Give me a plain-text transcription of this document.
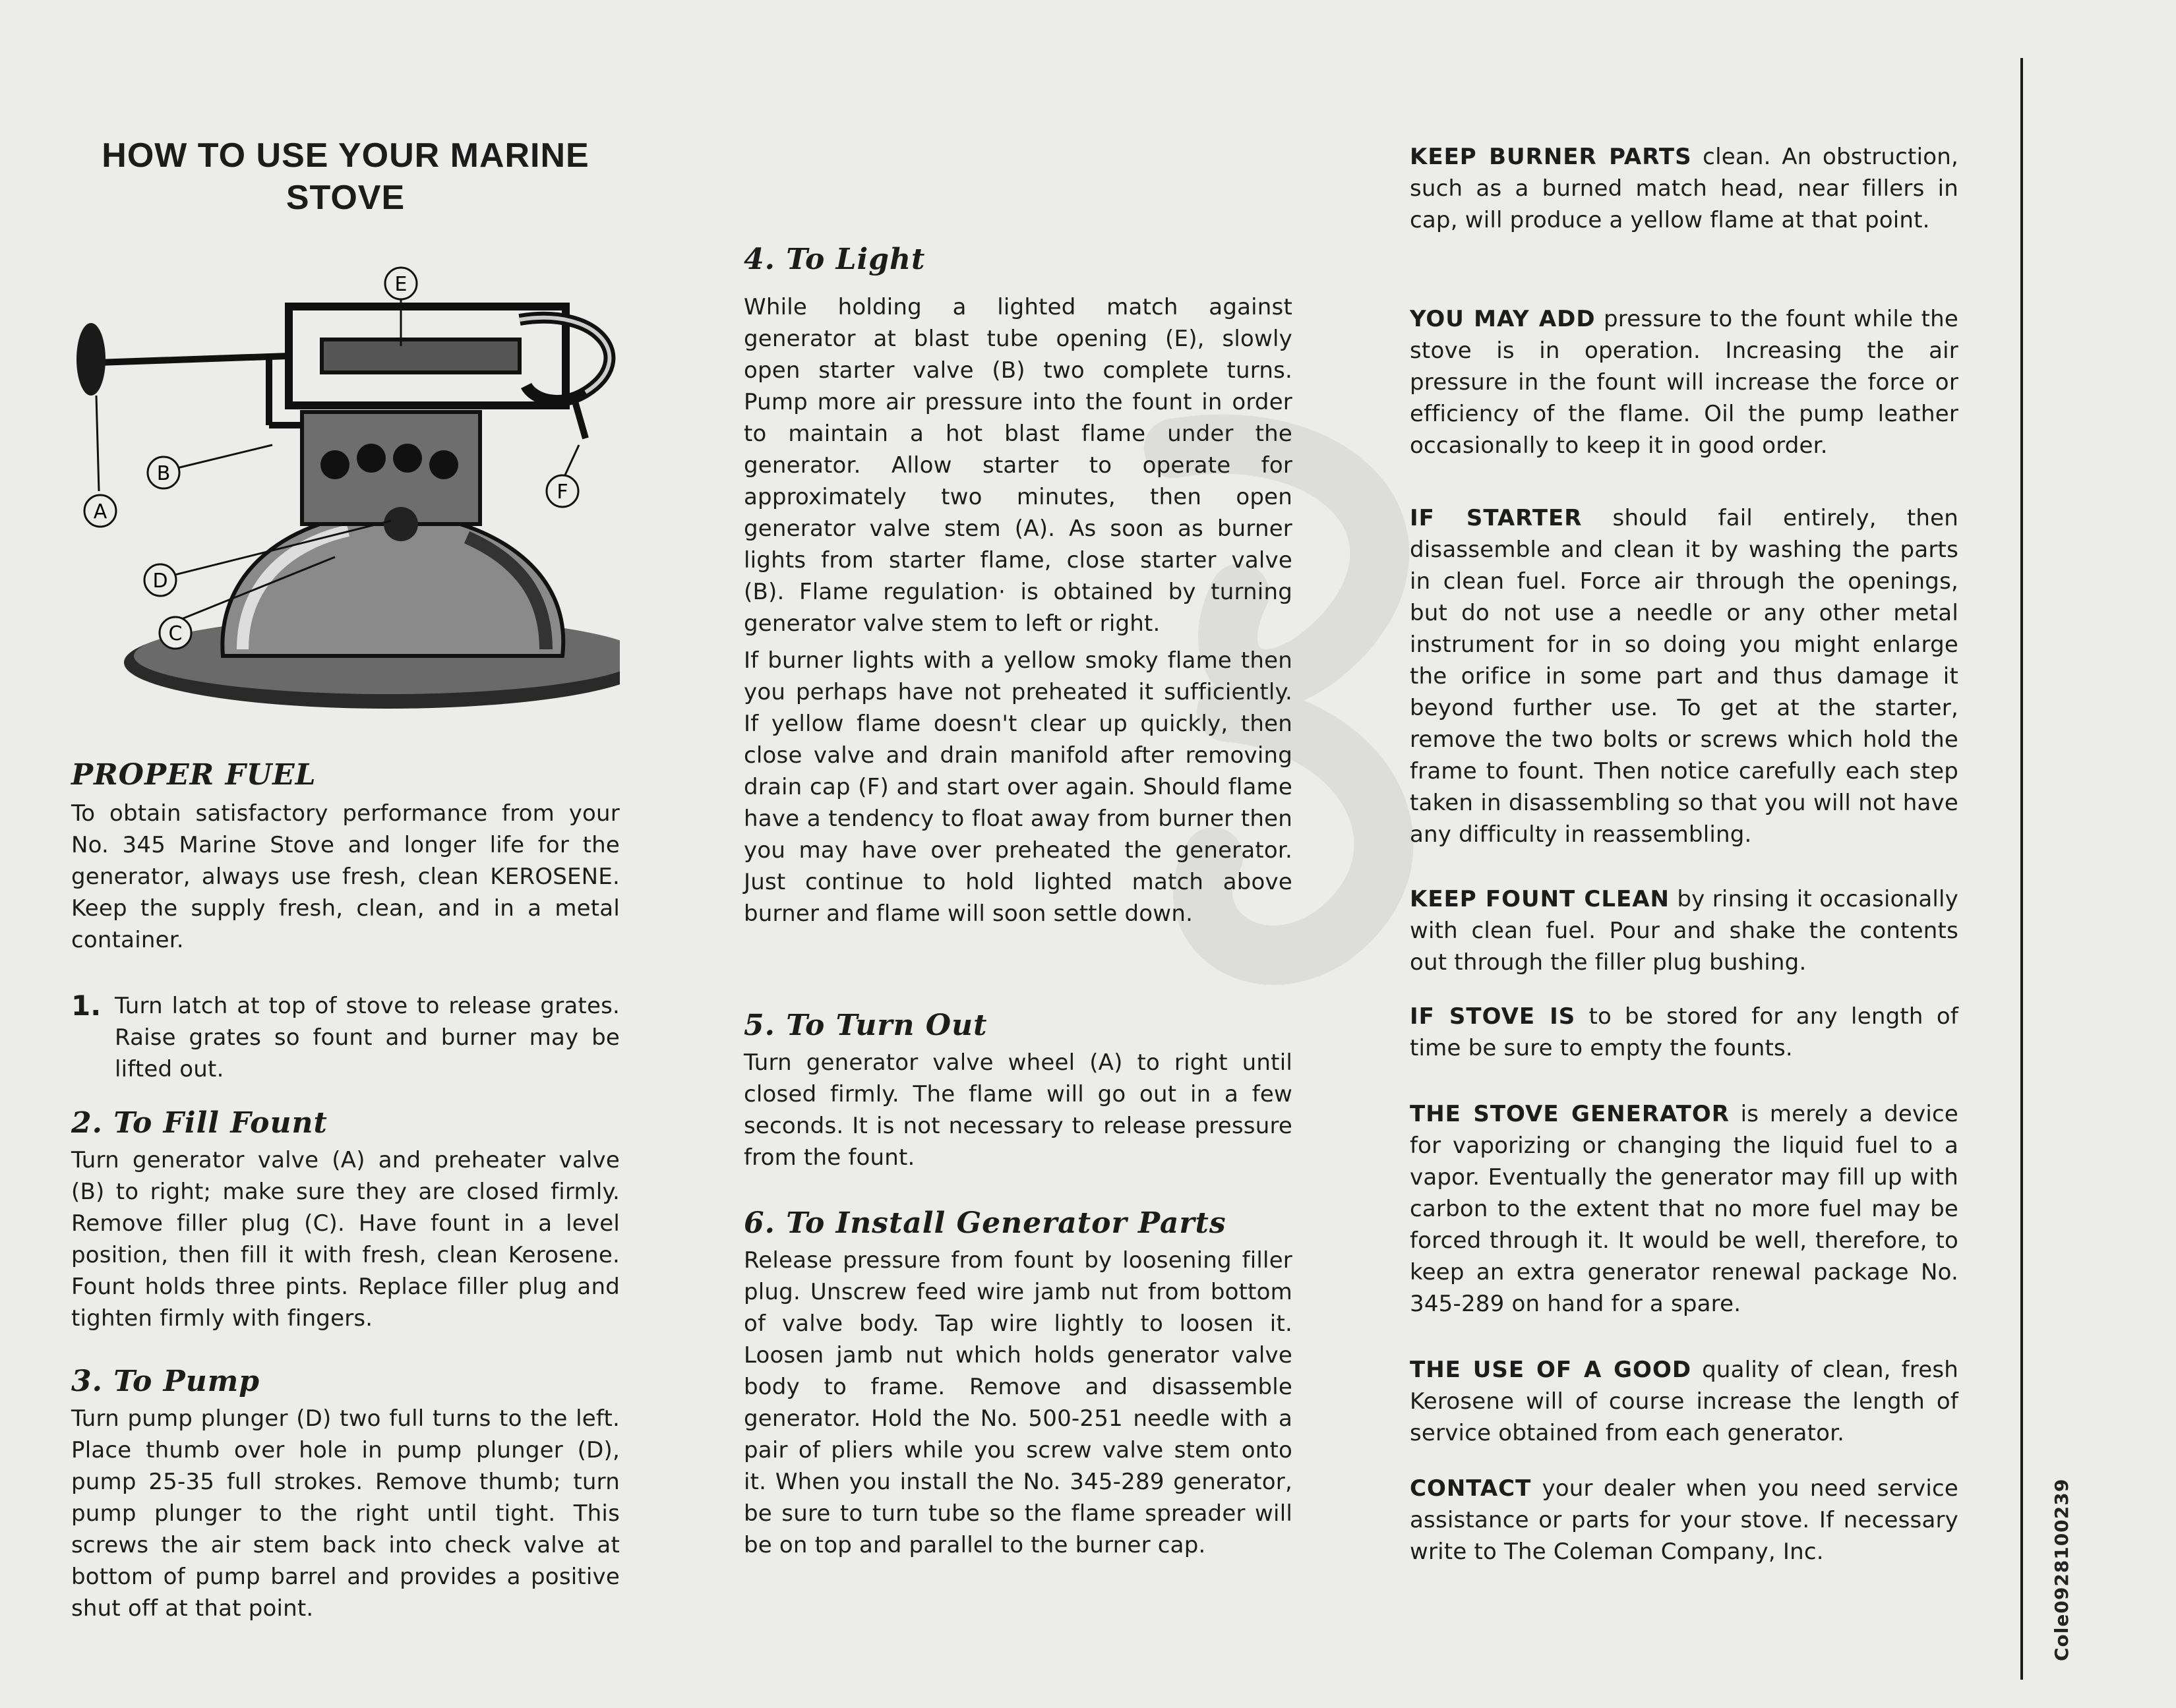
HOW TO USE YOUR MARINE STOVE
E
B
A
F
D
C
PROPER FUEL

To obtain satisfactory performance from your No. 345 Marine Stove and longer life for the generator, always use fresh, clean KEROSENE. Keep the supply fresh, clean, and in a metal container.

1. Turn latch at top of stove to release grates. Raise grates so fount and burner may be lifted out.

2. To Fill Fount

Turn generator valve (A) and preheater valve (B) to right; make sure they are closed firmly. Remove filler plug (C). Have fount in a level position, then fill it with fresh, clean Kerosene. Fount holds three pints. Replace filler plug and tighten firmly with fingers.

3. To Pump

Turn pump plunger (D) two full turns to the left. Place thumb over hole in pump plunger (D), pump 25-35 full strokes. Remove thumb; turn pump plunger to the right until tight. This screws the air stem back into check valve at bottom of pump barrel and provides a positive shut off at that point.

4. To Light

While holding a lighted match against generator at blast tube opening (E), slowly open starter valve (B) two complete turns. Pump more air pressure into the fount in order to maintain a hot blast flame under the generator. Allow starter to operate for approximately two minutes, then open generator valve stem (A). As soon as burner lights from starter flame, close starter valve (B). Flame regulation· is obtained by turning generator valve stem to left or right.

If burner lights with a yellow smoky flame then you perhaps have not preheated it sufficiently. If yellow flame doesn't clear up quickly, then close valve and drain manifold after removing drain cap (F) and start over again. Should flame have a tendency to float away from burner then you may have over preheated the generator. Just continue to hold lighted match above burner and flame will soon settle down.

5. To Turn Out

Turn generator valve wheel (A) to right until closed firmly. The flame will go out in a few seconds. It is not necessary to release pressure from the fount.

6. To Install Generator Parts

Release pressure from fount by loosening filler plug. Unscrew feed wire jamb nut from bottom of valve body. Tap wire lightly to loosen it. Loosen jamb nut which holds generator valve body to frame. Remove and disassemble generator. Hold the No. 500-251 needle with a pair of pliers while you screw valve stem onto it. When you install the No. 345-289 generator, be sure to turn tube so the flame spreader will be on top and parallel to the burner cap.

KEEP BURNER PARTS clean. An obstruction, such as a burned match head, near fillers in cap, will produce a yellow flame at that point.

YOU MAY ADD pressure to the fount while the stove is in operation. Increasing the air pressure in the fount will increase the force or efficiency of the flame. Oil the pump leather occasionally to keep it in good order.

IF STARTER should fail entirely, then disassemble and clean it by washing the parts in clean fuel. Force air through the openings, but do not use a needle or any other metal instrument for in so doing you might enlarge the orifice in some part and thus damage it beyond further use. To get at the starter, remove the two bolts or screws which hold the frame to fount. Then notice carefully each step taken in disassembling so that you will not have any difficulty in reassembling.

KEEP FOUNT CLEAN by rinsing it occasionally with clean fuel. Pour and shake the contents out through the filler plug bushing.

IF STOVE IS to be stored for any length of time be sure to empty the founts.

THE STOVE GENERATOR is merely a device for vaporizing or changing the liquid fuel to a vapor. Eventually the generator may fill up with carbon to the extent that no more fuel may be forced through it. It would be well, therefore, to keep an extra generator renewal package No. 345-289 on hand for a spare.

THE USE OF A GOOD quality of clean, fresh Kerosene will of course increase the length of service obtained from each generator.

CONTACT your dealer when you need service assistance or parts for your stove. If necessary write to The Coleman Company, Inc.	Cole0928100239
